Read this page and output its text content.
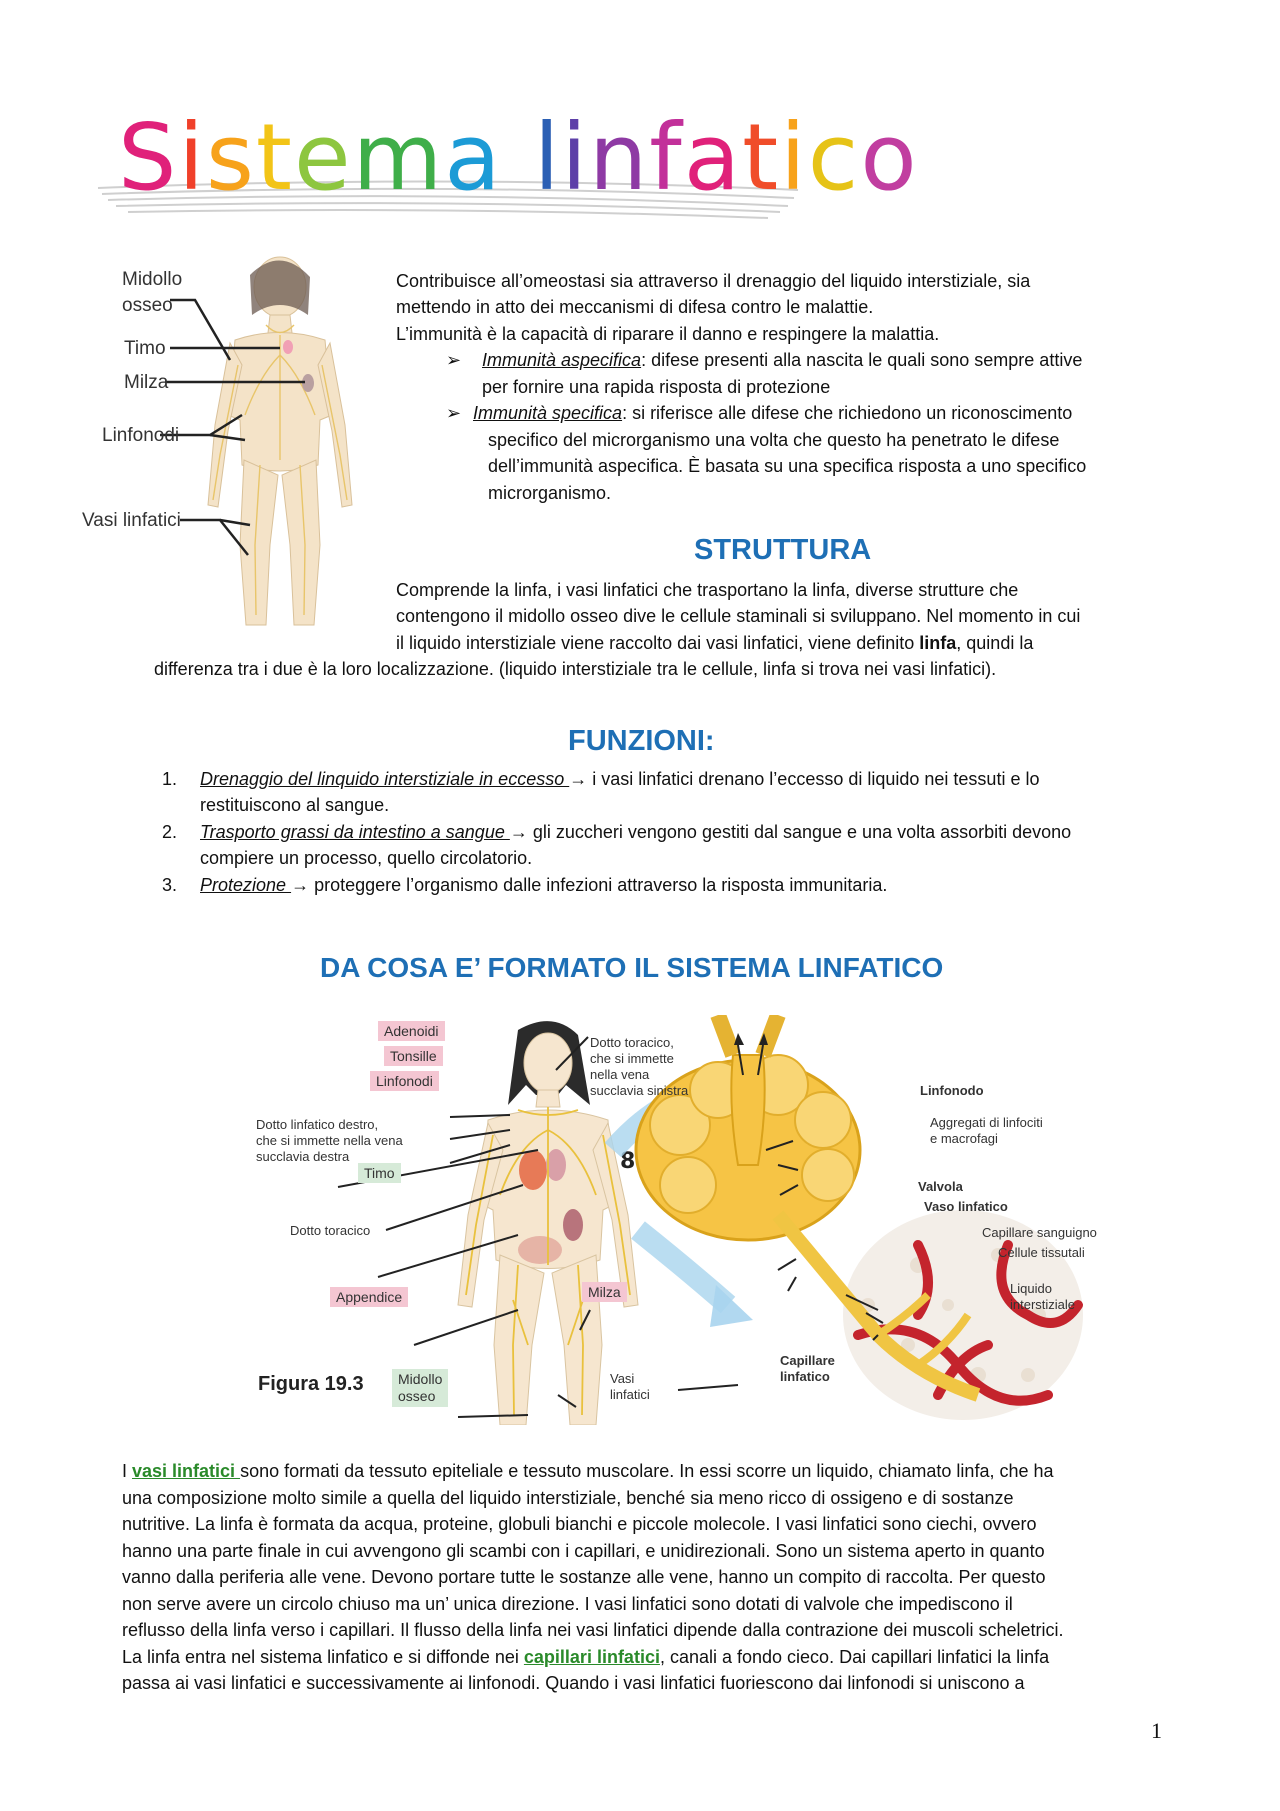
Sistema linfatico
Midollo
osseo
Timo
Milza
Linfonodi
Vasi linfatici
Contribuisce all’omeostasi sia attraverso il drenaggio del liquido interstiziale, sia
mettendo in atto dei meccanismi di difesa contro le malattie.
L’immunità è la capacità di riparare il danno e respingere la malattia.
➢ Immunità aspecifica: difese presenti alla nascita le quali sono sempre attive
per fornire una rapida risposta di protezione
➢ Immunità specifica: si riferisce alle difese che richiedono un riconoscimento
specifico del microrganismo una volta che questo ha penetrato le difese
dell’immunità aspecifica. È basata su una specifica risposta a uno specifico
microrganismo.
STRUTTURA
Comprende la linfa, i vasi linfatici che trasportano la linfa, diverse strutture che
contengono il midollo osseo dive le cellule staminali si sviluppano. Nel momento in cui
il liquido interstiziale viene raccolto dai vasi linfatici, viene definito linfa, quindi la
differenza tra i due è la loro localizzazione. (liquido interstiziale tra le cellule, linfa si trova nei vasi linfatici).
FUNZIONI:
1. Drenaggio del linquido interstiziale in eccesso → i vasi linfatici drenano l’eccesso di liquido nei tessuti e lo
restituiscono al sangue.
2. Trasporto grassi da intestino a sangue → gli zuccheri vengono gestiti dal sangue e una volta assorbiti devono
compiere un processo, quello circolatorio.
3. Protezione → proteggere l’organismo dalle infezioni attraverso la risposta immunitaria.
DA COSA E’ FORMATO IL SISTEMA LINFATICO
8
Adenoidi
Tonsille
Linfonodi
Timo
Appendice	Milza
Midollo
osseo
Dotto linfatico destro,
che si immette nella vena
succlavia destra
Dotto toracico
Dotto toracico,
che si immette
nella vena
succlavia sinistra
Vasi
linfatici
Linfonodo
Aggregati di linfociti
e macrofagi
Valvola
Vaso linfatico
Capillare sanguigno
Cellule tissutali
Liquido
interstiziale
Capillare
linfatico
Figura 19.3
I vasi linfatici sono formati da tessuto epiteliale e tessuto muscolare. In essi scorre un liquido, chiamato linfa, che ha
una composizione molto simile a quella del liquido interstiziale, benché sia meno ricco di ossigeno e di sostanze
nutritive. La linfa è formata da acqua, proteine, globuli bianchi e piccole molecole. I vasi linfatici sono ciechi, ovvero
hanno una parte finale in cui avvengono gli scambi con i capillari, e unidirezionali. Sono un sistema aperto in quanto
vanno dalla periferia alle vene. Devono portare tutte le sostanze alle vene, hanno un compito di raccolta. Per questo
non serve avere un circolo chiuso ma un’ unica direzione. I vasi linfatici sono dotati di valvole che impediscono il
reflusso della linfa verso i capillari. Il flusso della linfa nei vasi linfatici dipende dalla contrazione dei muscoli scheletrici.
La linfa entra nel sistema linfatico e si diffonde nei capillari linfatici, canali a fondo cieco. Dai capillari linfatici la linfa
passa ai vasi linfatici e successivamente ai linfonodi. Quando i vasi linfatici fuoriescono dai linfonodi si uniscono a
1
